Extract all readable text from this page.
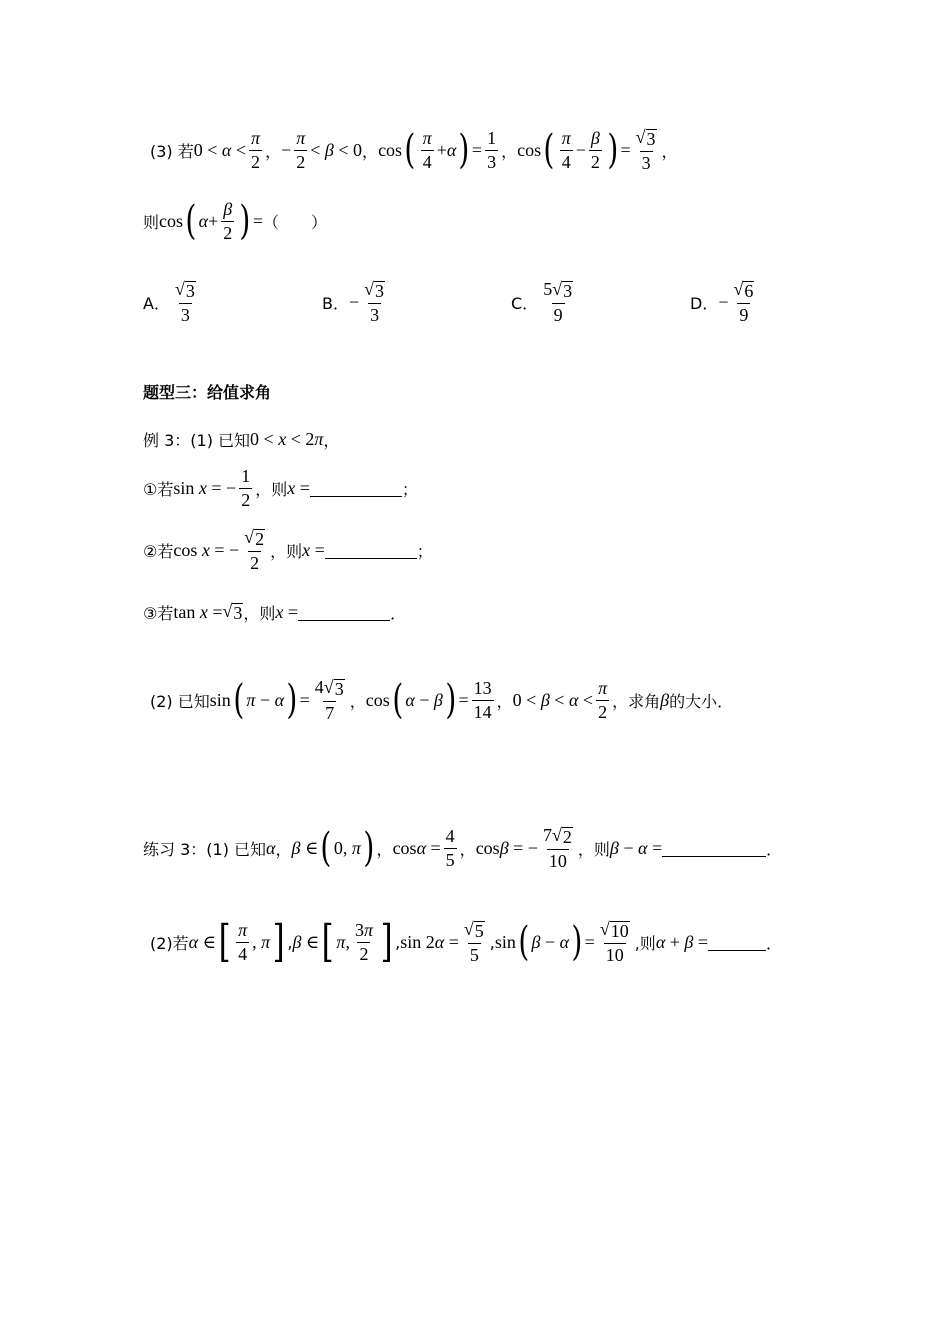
(3) 若 $0 < \alpha < \frac{\pi}{2}$ ， − $\frac{\pi}{2} < \beta < 0$ ， cos ( $\frac{\pi}{4} +\alpha$ ) = $\frac{1}{3}$ ， cos ( $\frac{\pi}{4} - \frac{\beta}{2}$ ) = $\frac{√ 3}{3}$ ，
则 cos ( $\alpha + \frac{\beta}{2}$ ) = （　　）
A． $\frac{√ 3}{3}$	B． − $\frac{√ 3}{3}$	C． $\frac{5 √ 3}{9}$	D． − $\frac{√ 6}{9}$
题型三：给值求角
例 3：(1) 已知 0 < x < 2π ，
①若 sin x = − $\frac{1}{2}$ ，则 x =	；
②若 cos x = − $\frac{√ 2}{2}$ ，则 x =	；
③若 tan x = √ 3 ，则 x =	．
(2) 已知 sin ( π − α ) = $\frac{4 √ 3}{7}$ ， cos ( α − β ) = $\frac{13}{14}$ ， $0 < \beta < \alpha < \frac{\pi}{2}$ ，求角 β 的大小．
练习 3：(1) 已知 α ， β ∈ ( 0, π ) ， $\cos\alpha = \frac{4}{5}$ ， cosβ = − $\frac{7 √ 2}{10}$ ，则 β − α =	．
(2)若 α ∈ [ $\frac{\pi}{4}$ , π ] , β ∈ [ π, $\frac{3\pi}{2}$ ] , $\sin 2\alpha = \frac{√ 5}{5}$ , sin ( β − α ) = $\frac{√ 10}{10}$ ,则 α + β =	．
